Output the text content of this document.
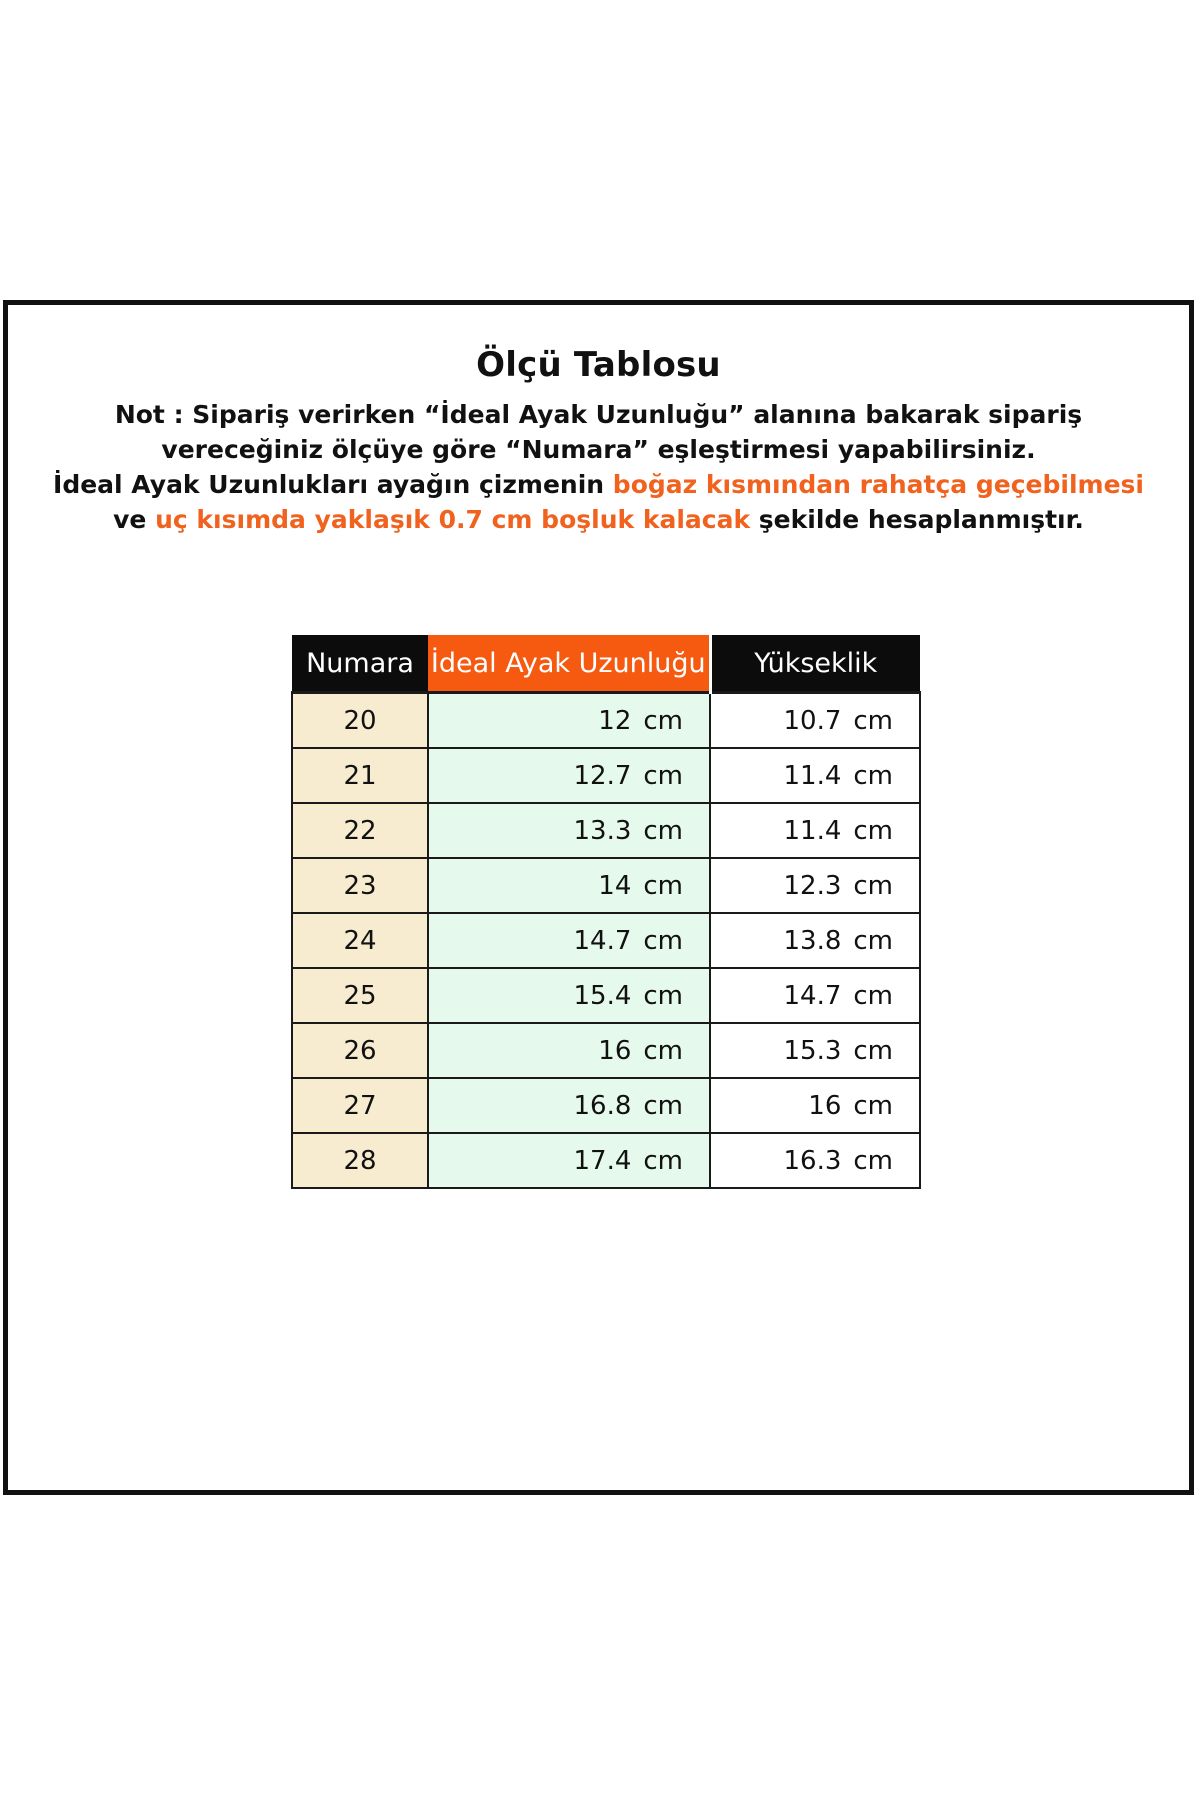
Ölçü Tablosu
Not : Sipariş verirken “İdeal Ayak Uzunluğu” alanına bakarak sipariş
vereceğiniz ölçüye göre “Numara” eşleştirmesi yapabilirsiniz.
İdeal Ayak Uzunlukları ayağın çizmenin boğaz kısmından rahatça geçebilmesi
ve uç kısımda yaklaşık 0.7 cm boşluk kalacak şekilde hesaplanmıştır.
Numara	İdeal Ayak Uzunluğu	Yükseklik
20	12 cm	10.7 cm
21	12.7 cm	11.4 cm
22	13.3 cm	11.4 cm
23	14 cm	12.3 cm
24	14.7 cm	13.8 cm
25	15.4 cm	14.7 cm
26	16 cm	15.3 cm
27	16.8 cm	16 cm
28	17.4 cm	16.3 cm
